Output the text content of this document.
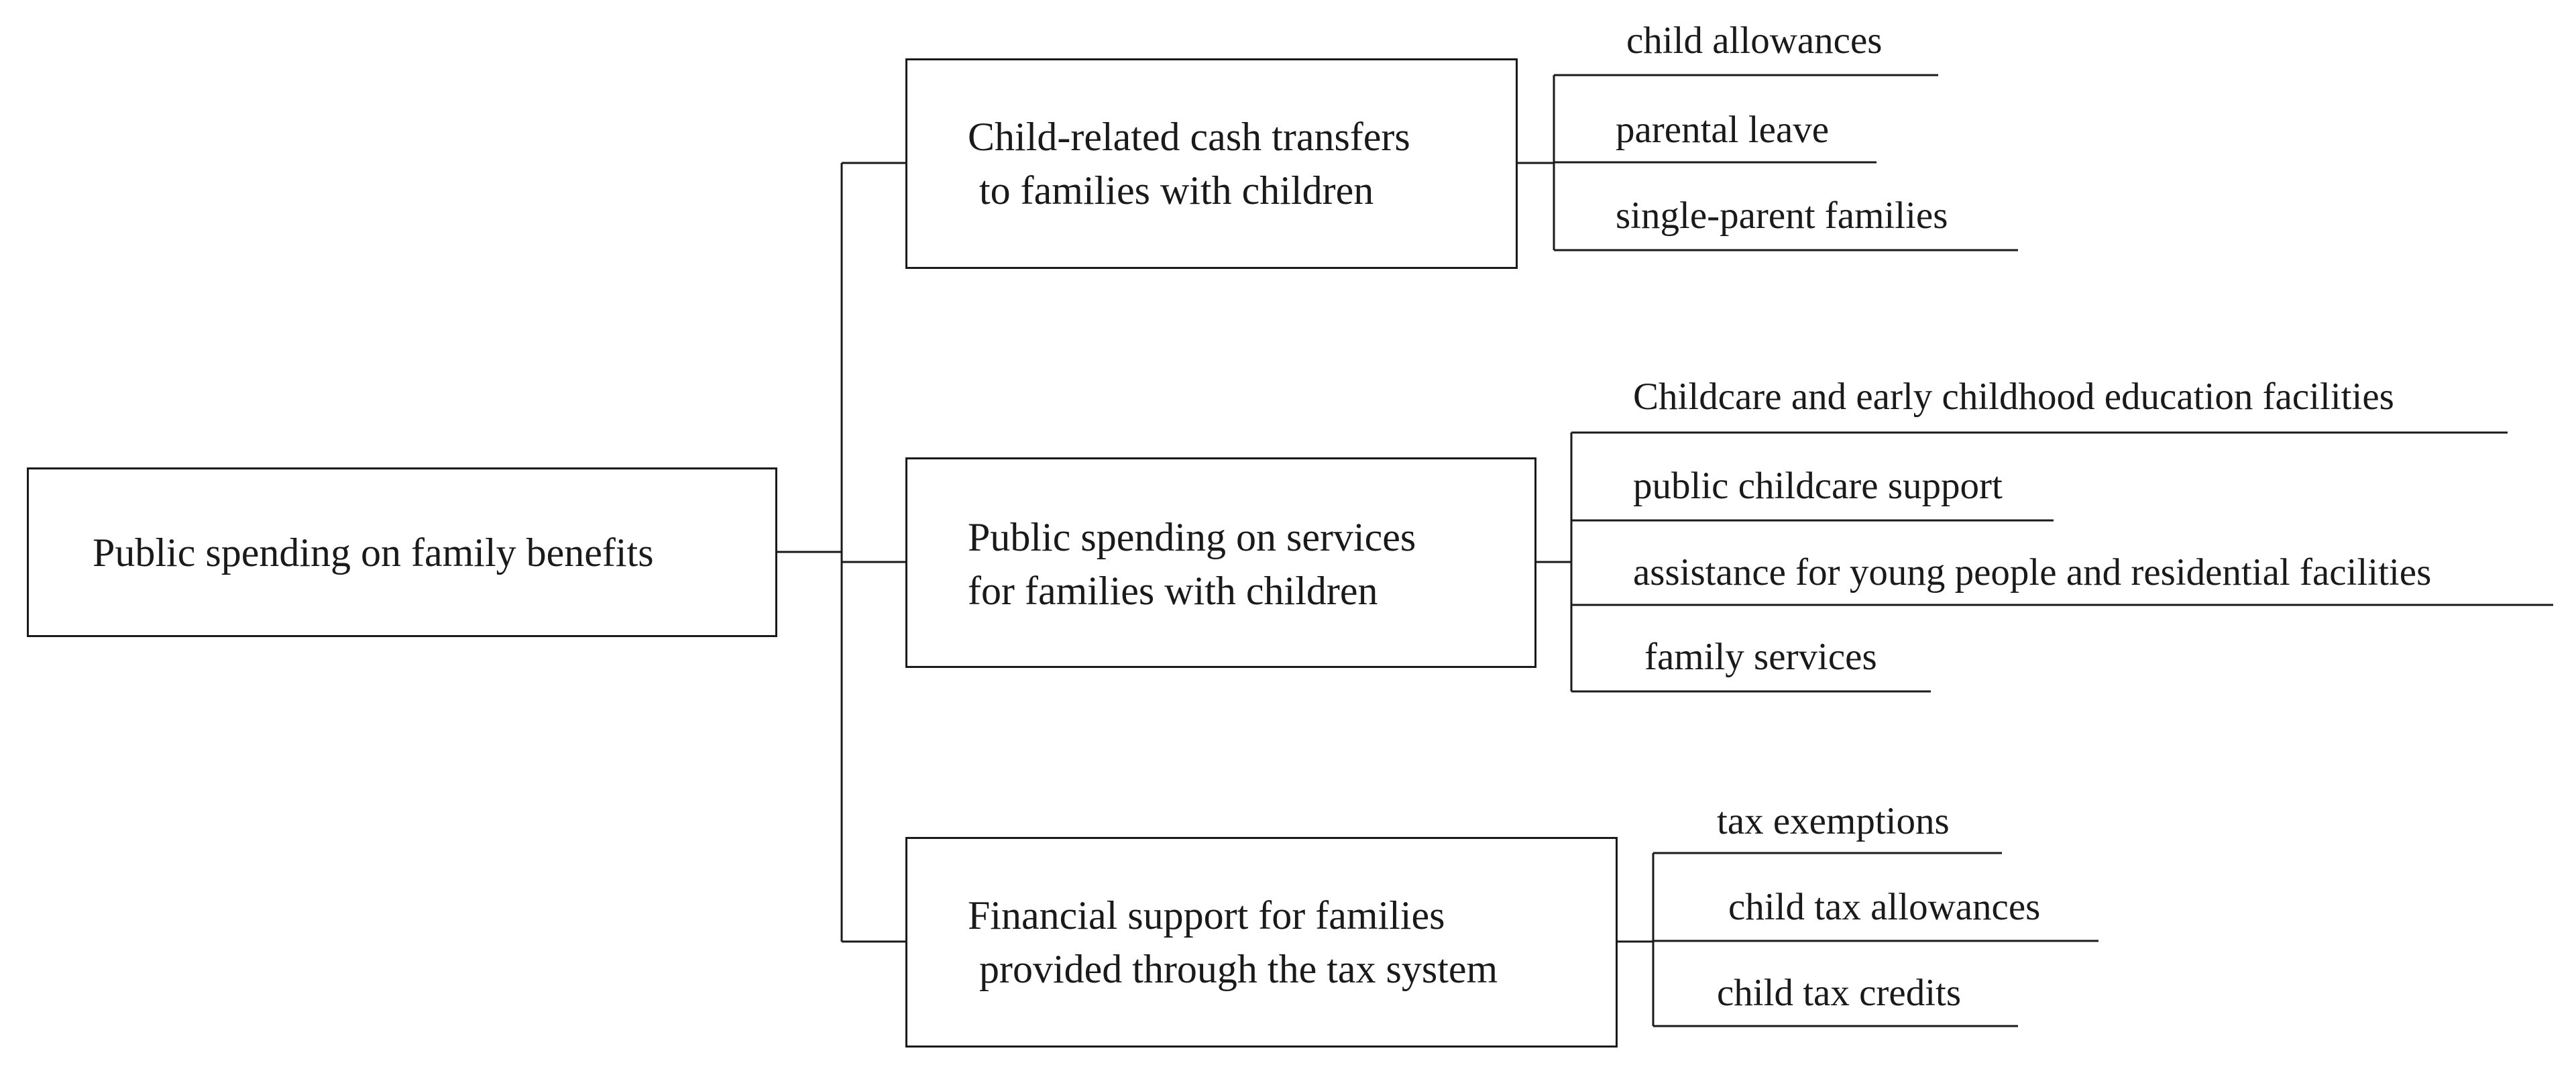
Public spending on family benefits
Child-related cash transfers
to families with children
Public spending on services
for families with children
Financial support for families
provided through the tax system
child allowances
parental leave
single-parent families
Childcare and early childhood education facilities
public childcare support
assistance for young people and residential facilities
family services
tax exemptions
child tax allowances
child tax credits
